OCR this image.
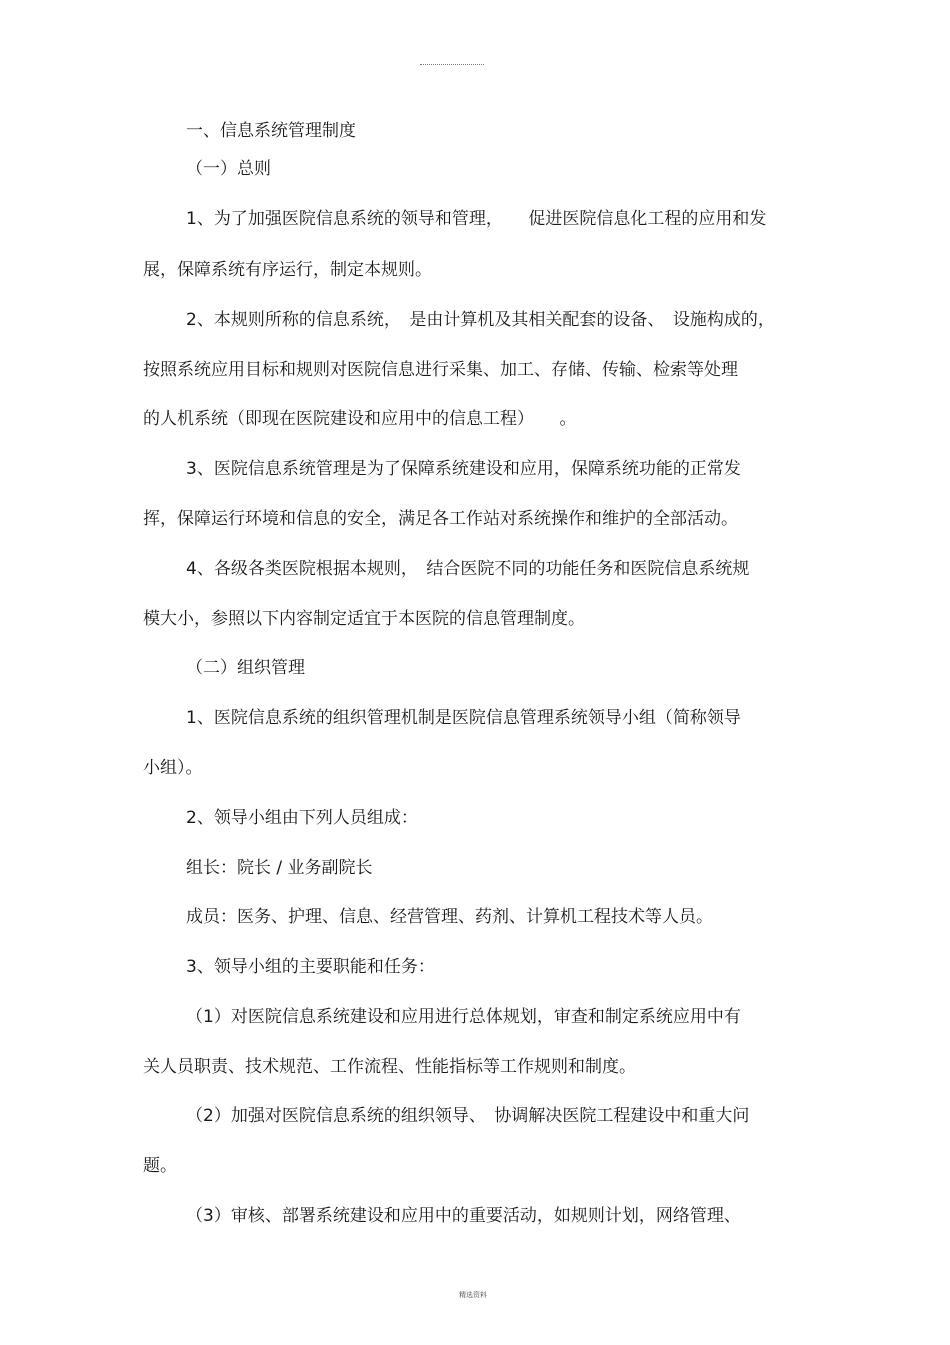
一、信息系统管理制度

（一）总则

1、为了加强医院信息系统的领导和管理，　　促进医院信息化工程的应用和发

展，保障系统有序运行，制定本规则。

2、本规则所称的信息系统，　是由计算机及其相关配套的设备、　设施构成的，

按照系统应用目标和规则对医院信息进行采集、加工、存储、传输、检索等处理

的人机系统（即现在医院建设和应用中的信息工程）　　。

3、医院信息系统管理是为了保障系统建设和应用，保障系统功能的正常发

挥，保障运行环境和信息的安全，满足各工作站对系统操作和维护的全部活动。

4、各级各类医院根据本规则，　结合医院不同的功能任务和医院信息系统规

模大小，参照以下内容制定适宜于本医院的信息管理制度。

（二）组织管理

1、医院信息系统的组织管理机制是医院信息管理系统领导小组（简称领导

小组）。

2、领导小组由下列人员组成：

组长：院长 / 业务副院长

成员：医务、护理、信息、经营管理、药剂、计算机工程技术等人员。

3、领导小组的主要职能和任务：

（1）对医院信息系统建设和应用进行总体规划，审查和制定系统应用中有

关人员职责、技术规范、工作流程、性能指标等工作规则和制度。

（2）加强对医院信息系统的组织领导、　协调解决医院工程建设中和重大问

题。

（3）审核、部署系统建设和应用中的重要活动，如规则计划，网络管理、

精选资料
